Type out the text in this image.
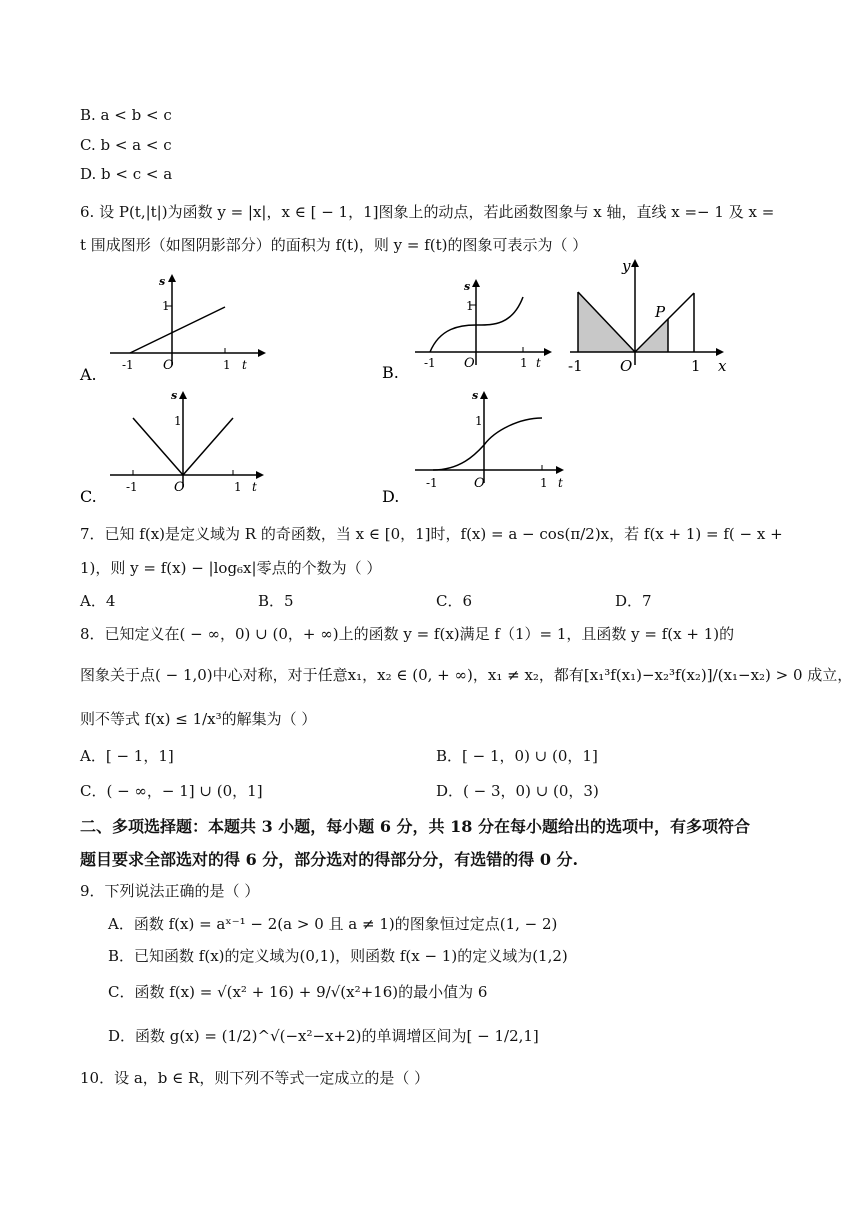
B. a < b < c
C. b < a < c
D. b < c < a
6. 设 P(t,|t|)为函数 y = |x|，x ∈ [ − 1，1]图象上的动点，若此函数图象与 x 轴，直线 x =− 1 及 x =
t 围成图形（如图阴影部分）的面积为 f(t)，则 y = f(t)的图象可表示为（ ）
s
1
-1 O	1 t
A.
s
1
-1 O	1 t
B.
y
P
-1 O	1 x
s
1
-1	O	1 t
C.
s
1
-1	O	1 t
D.
7．已知 f(x)是定义域为 R 的奇函数，当 x ∈ [0，1]时，f(x) = a − cos(π/2)x，若 f(x + 1) = f( − x +
1)，则 y = f(x) − |log₆x|零点的个数为（ ）
A．4	B．5	C．6	D．7
8．已知定义在( − ∞，0) ∪ (0，+ ∞)上的函数 y = f(x)满足 f（1）= 1，且函数 y = f(x + 1)的
图象关于点( − 1,0)中心对称，对于任意x₁，x₂ ∈ (0, + ∞)，x₁ ≠ x₂，都有[x₁³f(x₁)−x₂³f(x₂)]/(x₁−x₂) > 0 成立，
则不等式 f(x) ≤ 1/x³的解集为（ ）
A．[ − 1，1]	B．[ − 1，0) ∪ (0，1]
C．( − ∞，− 1] ∪ (0，1]	D．( − 3，0) ∪ (0，3)
二、多项选择题：本题共 3 小题，每小题 6 分，共 18 分在每小题给出的选项中，有多项符合
题目要求全部选对的得 6 分，部分选对的得部分分，有选错的得 0 分.
9．下列说法正确的是（ ）
A．函数 f(x) = aˣ⁻¹ − 2(a > 0 且 a ≠ 1)的图象恒过定点(1, − 2)
B．已知函数 f(x)的定义域为(0,1)，则函数 f(x − 1)的定义域为(1,2)
C．函数 f(x) = √(x² + 16) + 9/√(x²+16)的最小值为 6
D．函数 g(x) = (1/2)^√(−x²−x+2)的单调增区间为[ − 1/2,1]
10．设 a，b ∈ R，则下列不等式一定成立的是（ ）
